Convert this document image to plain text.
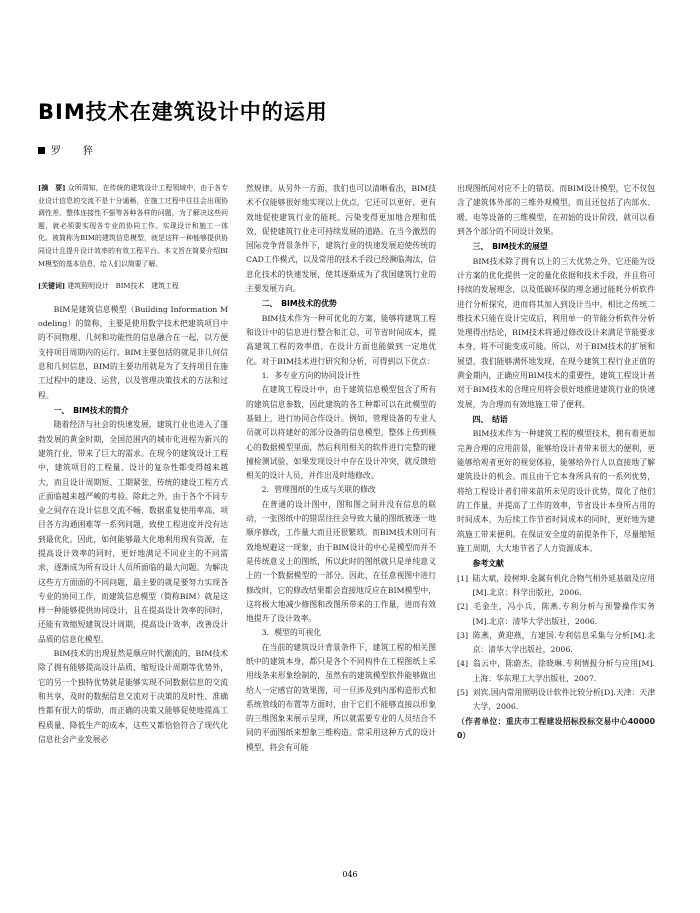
BIM技术在建筑设计中的运用
罗　猝

[摘　要] 众所周知，在传统的建筑设计工程领域中，由于各专业设计信息的交流不是十分通畅，在施工过程中往往会出现协调性差、整体连接性不强等各种各样的问题，为了解决这些问题，就必须要实现各专业的协同工作。实现设计和施工一体化。被简称为BIM的建筑信息模型，就是这样一种能够提供协同设计且提升设计效率的有效工程平台。本文旨在简要介绍BIM模型的基本信息，给人们以简要了解。

[关键词] 建筑照明设计　BIM技术　建筑工程

BIM是建筑信息模型（Building Information Modeling）的简称，主要是使用数字技术把建筑项目中的不同物理、几何和功能性的信息融合在一起，以方便支持项目周期内的运行。BIM主要包括的就是非几何信息和几何信息，BIM的主要功用就是为了支持项目在施工过程中的建设、运营，以及管理决策技术的方法和过程。

一、　BIM技术的简介

随着经济与社会的快速发展，建筑行业也进入了蓬勃发展的黄金时期，全国范围内的城市化进程为新兴的建筑行业，带来了巨大的需求。在现今的建筑设计工程中，建筑项目的工程量、设计的复杂性都变得越来越大，而且设计周期短、工期紧张，传统的建设工程方式正面临越来越严峻的考验。除此之外，由于各个不同专业之间存在设计信息交流不畅、数据重复使用率高、项目各方沟通困难等一系列问题，致使工程进度并没有达到最优化。因此，如何能够最大化地利用现有资源，在提高设计效率的同时，更好地满足不同业主的不同需求，逐渐成为所有设计人员所面临的最大问题。为解决这些方方面面的不同问题，最主要的就是要努力实现各专业的协同工作，而建筑信息模型（简称BIM）就是这样一种能够提供协同设计，且在提高设计效率的同时，还能有效缩短建筑设计周期，提高设计效率，改善设计品质的信息化模型。

BIM技术的出现显然是顺应时代潮流的，BIM技术除了拥有能够提高设计品质、缩短设计周期等优势外，它的另一个独特优势就是能够实现不同数据信息的交流和共享，及时的数据信息交流对于决策的及时性、准确性都有很大的帮助，而正确的决策又能够促使地提高工程质量、降低生产的成本，这些又都恰恰符合了现代化信息社会产业发展必

然规律。从另外一方面，我们也可以清晰看出，BIM技术不仅能够很好地实现以上优点，它还可以更好、更有效地促使建筑行业的能耗、污染变得更加地合理和低效，促使建筑行业走可持续发展的道路。在当今激烈的国际竞争背景条件下，建筑行业的快速发展迫使传统的CAD工作模式，以及常用的技术手段已经濒临淘汰，信息化技术的快速发展，使其逐渐成为了我国建筑行业的主要发展方向。

二、　BIM技术的优势

BIM技术作为一种可优化的方案，能够将建筑工程和设计中的信息进行整合和汇总，可节省时间成本，提高建筑工程的效率值，在设计方面也能做到一定地优化。对于BIM技术进行研究和分析，可得到以下优点：

1．多专业方向的协同设计性

在建筑工程设计中，由于建筑信息模型包含了所有的建筑信息参数，因此建筑的各工种都可以在此模型的基础上，进行协同合作设计。例如，管理设备的专业人员就可以将建好的部分设备的信息模型，整体上传到核心的数据模型里面，然后利用相关的软件进行完整的碰撞检测试验，如果发现设计中存在设计冲突，就反馈给相关的设计人员，并作出及时地修改。

2．管理图纸的生成与关联的修改

在普通的设计图中，图和图之间并没有信息的联动，一张图纸中的错误往往会导致大量的图纸被逐一地顺序修改，工作量大而且还很繁琐。而BIM技术则可有效地规避这一现象，由于BIM设计的中心是模型而并不是传统意义上的图纸，所以此时的图纸就只是单纯意义上的一个数据模型的一部分。因此，在任意视图中进行修改时，它的修改结果都会直接地反应在BIM模型中，这将极大地减少修图和改图所带来的工作量，进而有效地提升了设计效率。

3．模型的可视化

在当前的建筑设计背景条件下，建筑工程的相关图纸中的建筑本身，都只是各个不同构件在工程图纸上采用线条来形象绘制的，虽然有的建筑模型软件能够做出给人一定感官的效果图，可一旦涉及到内部构造形式和系统管线的布置等方面时，由于它们不能够直接以形象的三维图象来展示呈现，所以就需要专业的人员结合不同的平面图纸来想象三维构造。常采用这种方式的设计模型，将会有可能

出现图纸间对应不上的错误。而BIM设计模型，它不仅包含了建筑体外部的三维外观模型，而且还包括了内部水、暖、电等设备的三维模型，在初始的设计阶段，就可以看到各个部分的不同设计效果。

三、　BIM技术的展望

BIM技术除了拥有以上的三大优势之外，它还能为设计方案的优化提供一定的量化依据和技术手段，并且将可持续的发展理念，以及低碳环保的理念通过能耗分析软件进行分析探究，进而将其加入到设计当中。相比之传统二维技术只能在设计完成后，利用单一的节能分析软件分析处理得出结论，BIM技术将通过修改设计来满足节能要求本身，将不可能变成可能。所以，对于BIM技术的扩展和展望，我们能够满怀地发现，在现今建筑工程行业正值的黄金期内，正确应用BIM技术的重要性，建筑工程设计者对于BIM技术的合理应用将会很好地推进建筑行业的快速发展，为合理而有效地施工带了便利。

四、　结语

BIM技术作为一种建筑工程的模型技术，拥有着更加完善合理的应用前景，能够给设计者带来很大的便利，更能够给观者更好的视觉体验，能够给外行人以直接地了解建筑设计的机会。而且由于它本身所具有的一系列优势，将给工程设计者们带来前所未见的设计优势，简化了他们的工作量，并提高了工作的效率，节省设计本身所占用的时间成本，为后续工作节省时间成本的同时，更好地为建筑施工带来便利。在保证安全度的前提条件下，尽量缩短施工周期，大大地节省了人力资源成本。

参考文献

[1] 陆大斌，段树坤.金属有机化合物气相外延基础及应用[M].北京：科学出版社，2006.

[2] 毛金生，冯小兵，陈燕.专利分析与预警操作实务[M].北京：清华大学出版社，2006.

[3] 陈燕，黄迎燕，方建国.专利信息采集与分析[M].北京：清华大学出版社，2006.

[4] 翁云中，陈蔚杰，徐晓琳.专利情报分析与应用[M].上海：华东理工大学出版社，2007.

[5] 刘宾.国内常用照明设计软件比较分析[D].天津：天津大学，2006.

（作者单位：重庆市工程建设招标投标交易中心400000）

046
